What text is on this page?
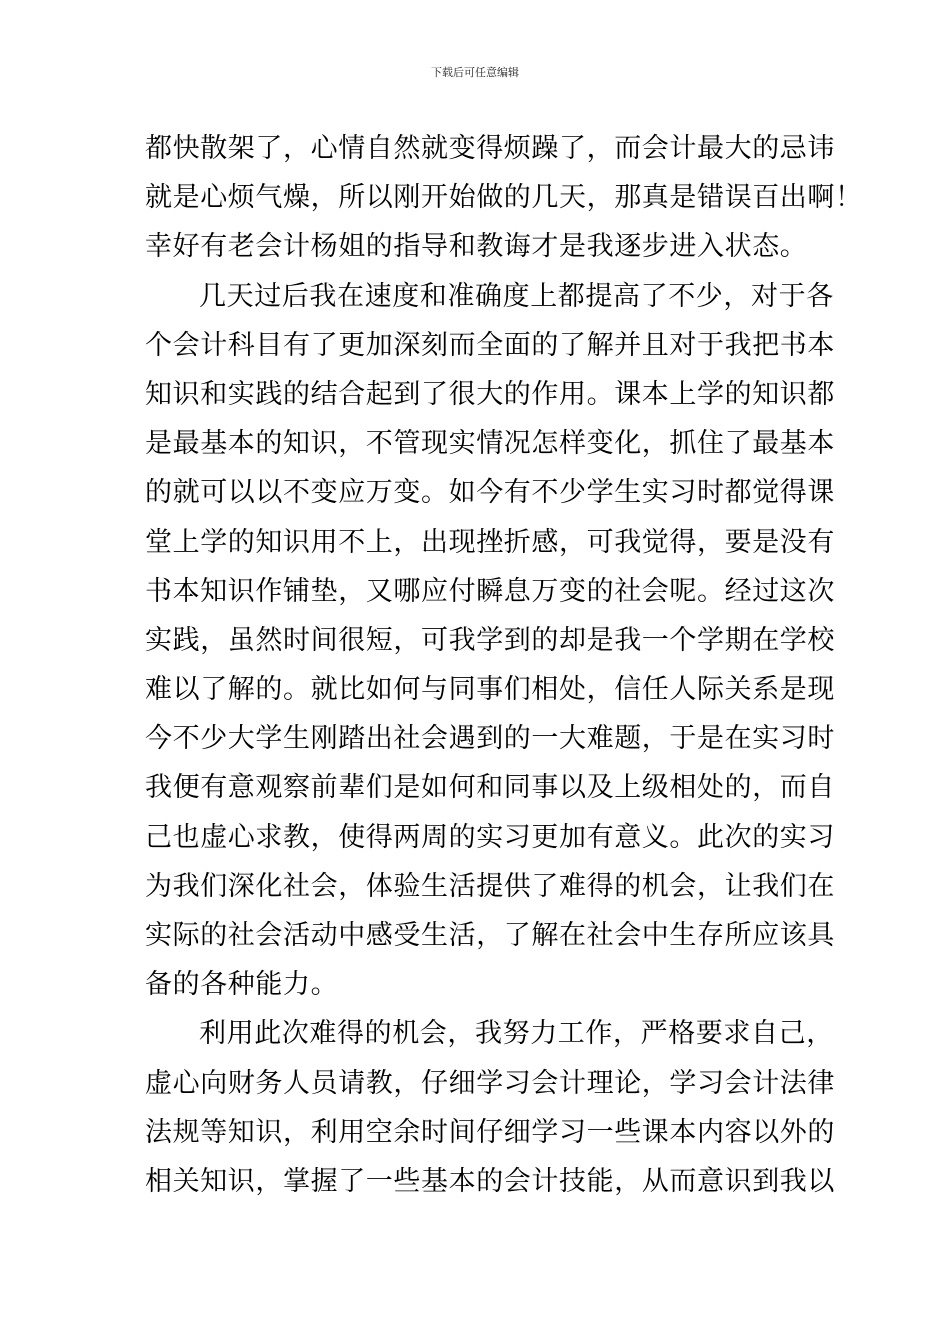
下载后可任意编辑
都快散架了，心情自然就变得烦躁了，而会计最大的忌讳
就是心烦气燥，所以刚开始做的几天，那真是错误百出啊！
幸好有老会计杨姐的指导和教诲才是我逐步进入状态。
几天过后我在速度和准确度上都提高了不少，对于各
个会计科目有了更加深刻而全面的了解并且对于我把书本
知识和实践的结合起到了很大的作用。课本上学的知识都
是最基本的知识，不管现实情况怎样变化，抓住了最基本
的就可以以不变应万变。如今有不少学生实习时都觉得课
堂上学的知识用不上，出现挫折感，可我觉得，要是没有
书本知识作铺垫，又哪应付瞬息万变的社会呢。经过这次
实践，虽然时间很短，可我学到的却是我一个学期在学校
难以了解的。就比如何与同事们相处，信任人际关系是现
今不少大学生刚踏出社会遇到的一大难题，于是在实习时
我便有意观察前辈们是如何和同事以及上级相处的，而自
己也虚心求教，使得两周的实习更加有意义。此次的实习
为我们深化社会，体验生活提供了难得的机会，让我们在
实际的社会活动中感受生活，了解在社会中生存所应该具
备的各种能力。
利用此次难得的机会，我努力工作，严格要求自己，
虚心向财务人员请教，仔细学习会计理论，学习会计法律
法规等知识，利用空余时间仔细学习一些课本内容以外的
相关知识，掌握了一些基本的会计技能，从而意识到我以
